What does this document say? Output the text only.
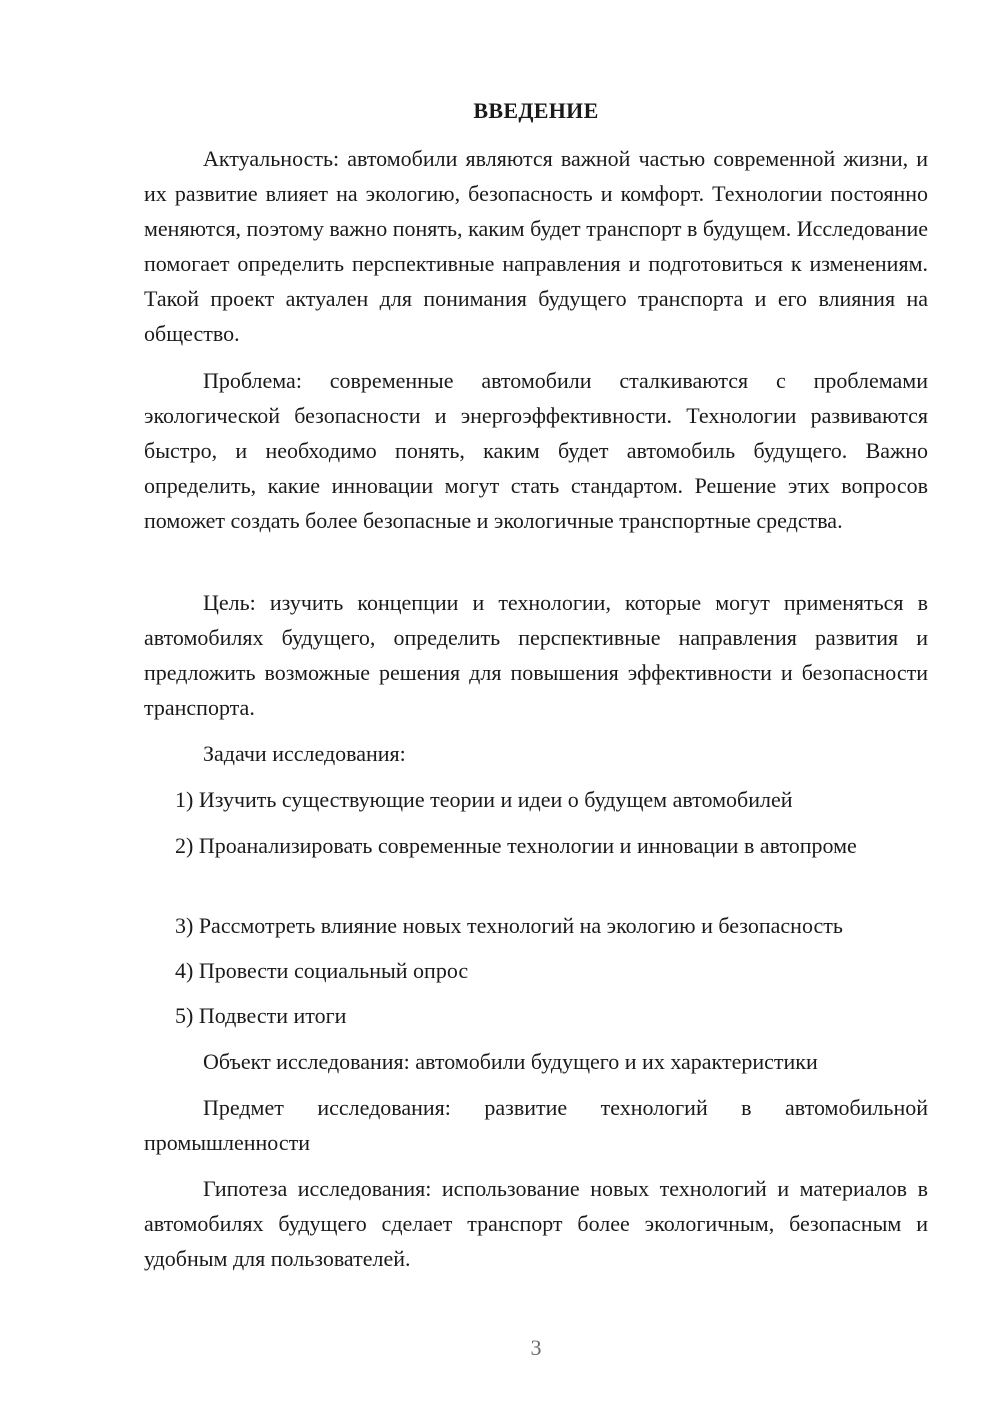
ВВЕДЕНИЕ

Актуальность: автомобили являются важной частью современной жизни, и их развитие влияет на экологию, безопасность и комфорт. Технологии постоянно меняются, поэтому важно понять, каким будет транспорт в будущем. Исследование помогает определить перспективные направления и подготовиться к изменениям. Такой проект актуален для понимания будущего транспорта и его влияния на общество.

Проблема: современные автомобили сталкиваются с проблемами экологической безопасности и энергоэффективности. Технологии развиваются быстро, и необходимо понять, каким будет автомобиль будущего. Важно определить, какие инновации могут стать стандартом. Решение этих вопросов поможет создать более безопасные и экологичные транспортные средства.

Цель: изучить концепции и технологии, которые могут применяться в автомобилях будущего, определить перспективные направления развития и предложить возможные решения для повышения эффективности и безопасности транспорта.

Задачи исследования:

1) Изучить существующие теории и идеи о будущем автомобилей

2) Проанализировать современные технологии и инновации в автопроме

3) Рассмотреть влияние новых технологий на экологию и безопасность

4) Провести социальный опрос

5) Подвести итоги

Объект исследования: автомобили будущего и их характеристики

Предмет исследования: развитие технологий в автомобильной промышленности

Гипотеза исследования: использование новых технологий и материалов в автомобилях будущего сделает транспорт более экологичным, безопасным и удобным для пользователей.

3
